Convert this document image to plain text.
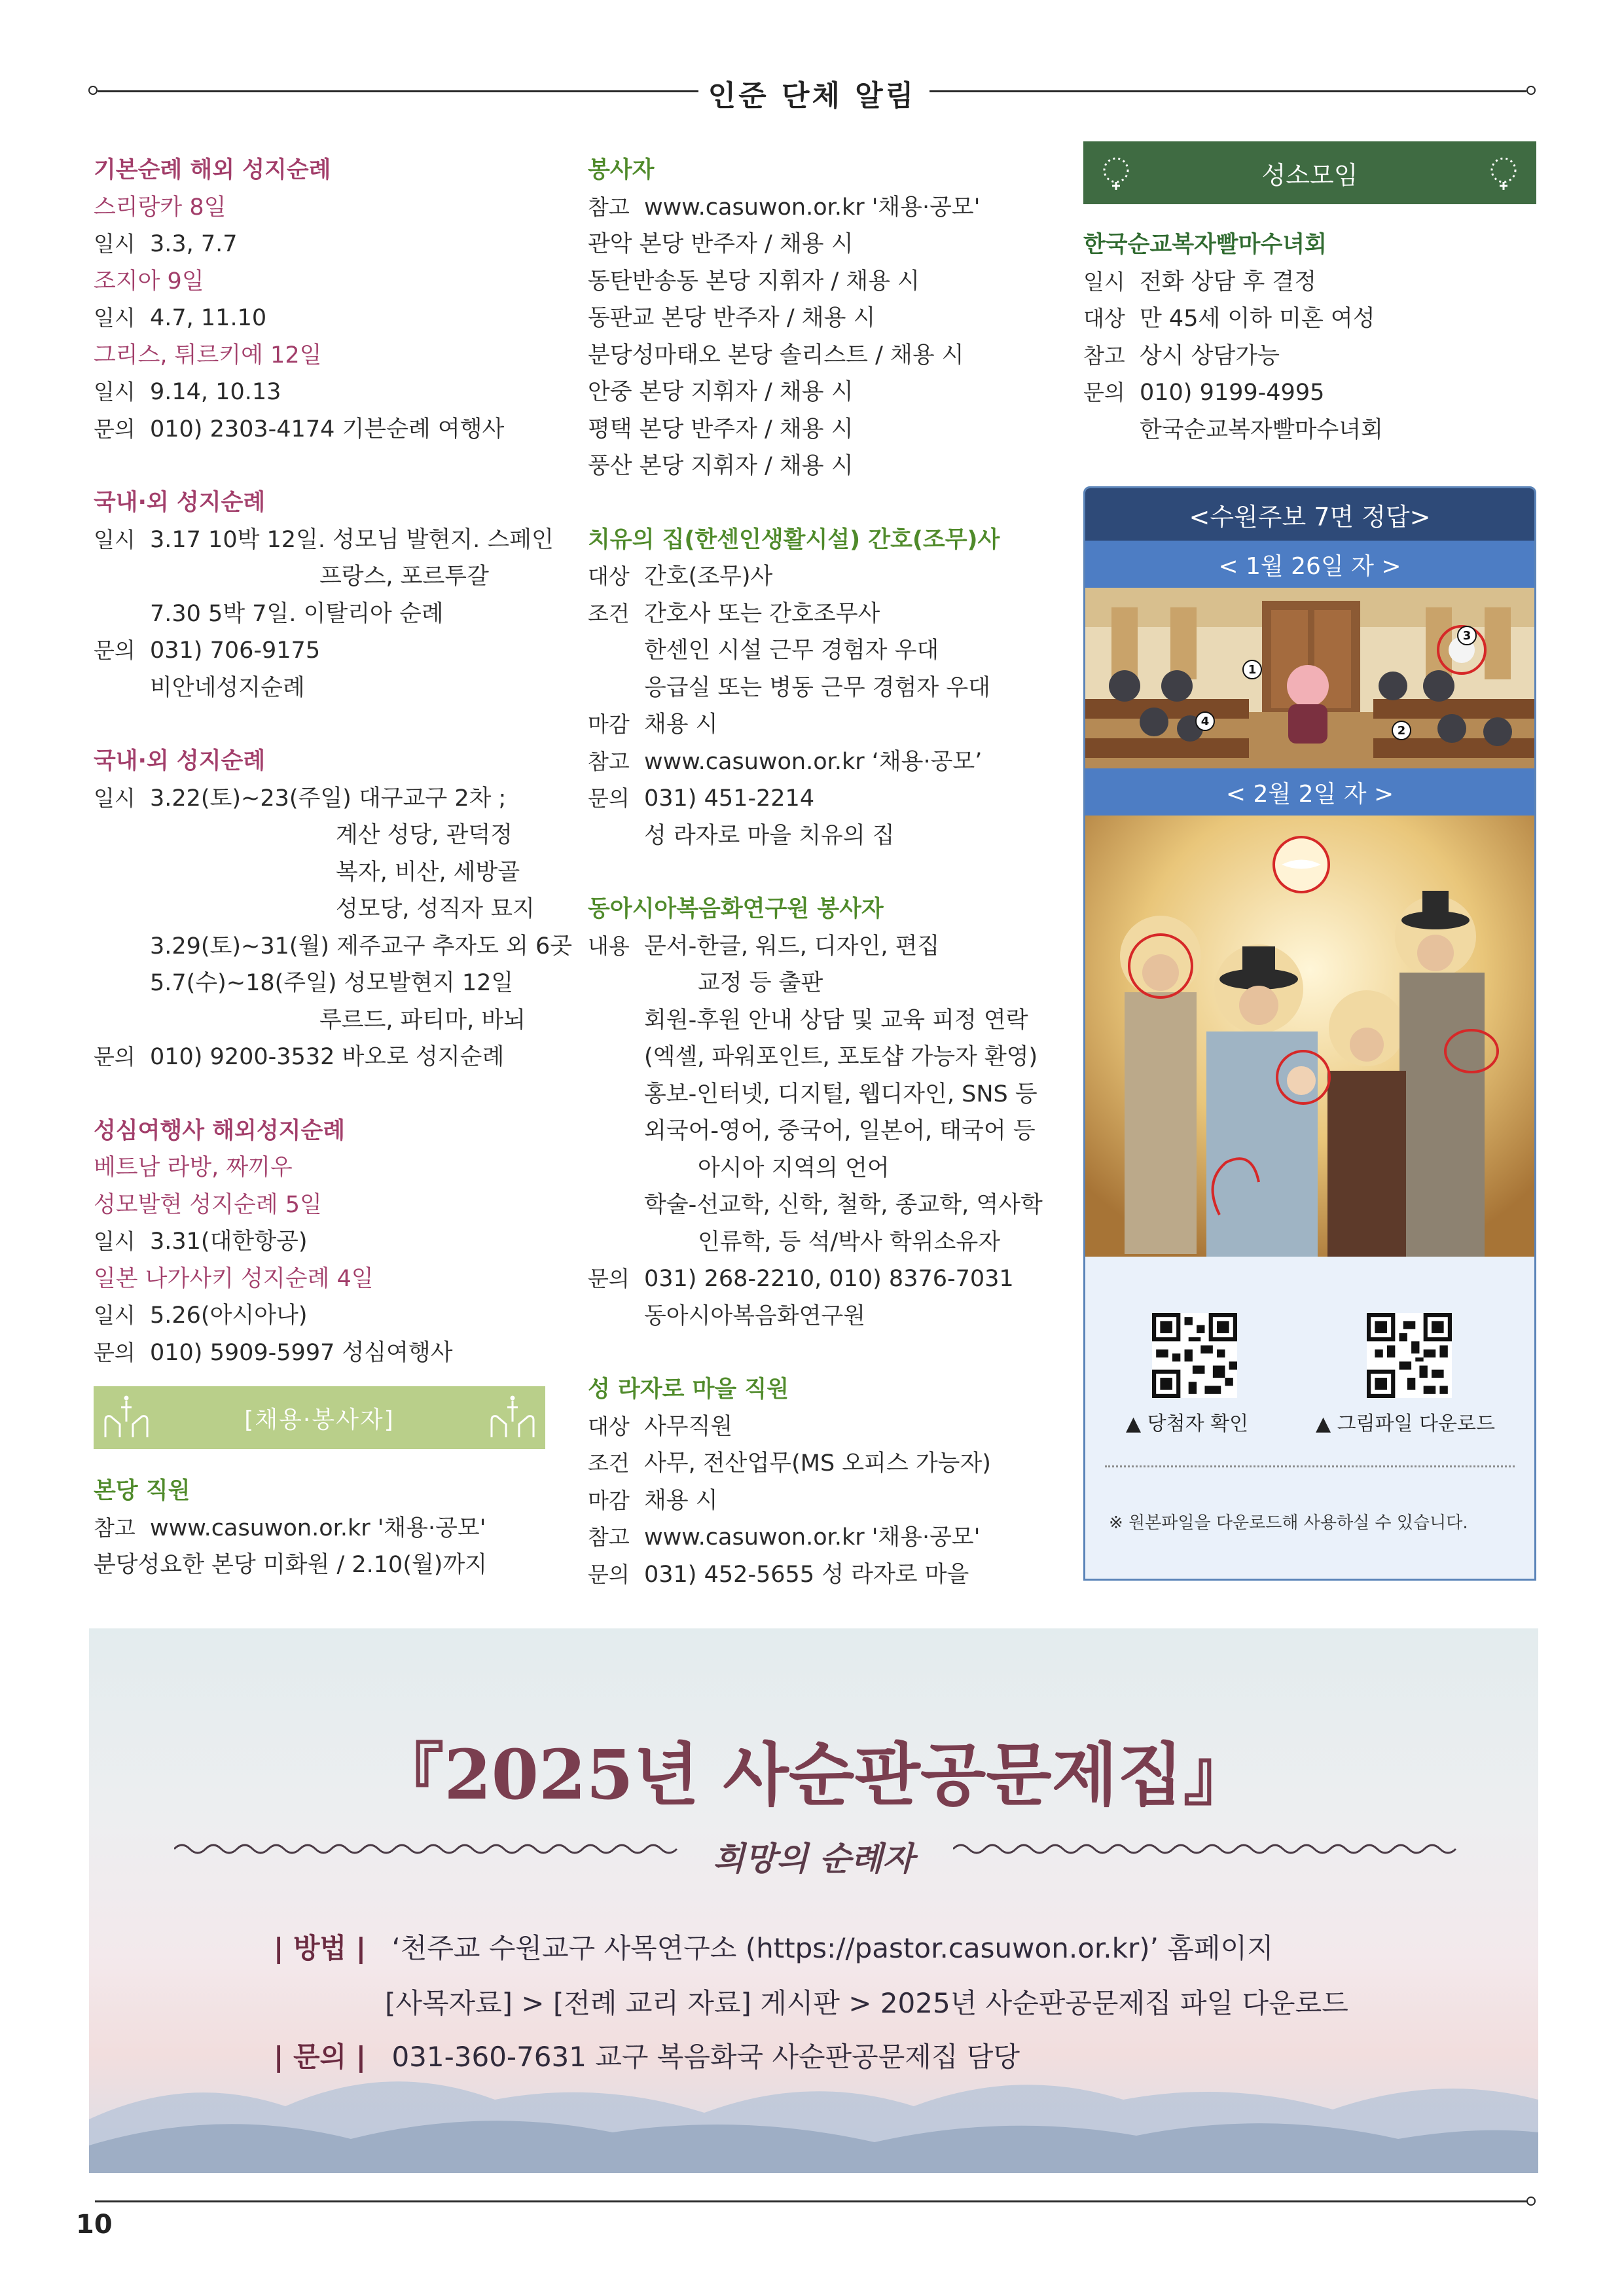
인준 단체 알림
기본순례 해외 성지순례
스리랑카 8일
일시 3.3, 7.7
조지아 9일
일시 4.7, 11.10
그리스, 튀르키예 12일
일시 9.14, 10.13
문의 010) 2303-4174 기븐순례 여행사
국내·외 성지순례
일시 3.17 10박 12일. 성모님 발현지. 스페인
프랑스, 포르투갈
7.30 5박 7일. 이탈리아 순례
문의 031) 706-9175
비안네성지순례
국내·외 성지순례
일시 3.22(토)~23(주일) 대구교구 2차 ;
계산 성당, 관덕정
복자, 비산, 세방골
성모당, 성직자 묘지
3.29(토)~31(월) 제주교구 추자도 외 6곳
5.7(수)~18(주일) 성모발현지 12일
루르드, 파티마, 바뇌
문의 010) 9200-3532 바오로 성지순례
성심여행사 해외성지순례
베트남 라방, 짜끼우
성모발현 성지순례 5일
일시 3.31(대한항공)
일본 나가사키 성지순례 4일
일시 5.26(아시아나)
문의 010) 5909-5997 성심여행사
[채용·봉사자]
본당 직원
참고 www.casuwon.or.kr '채용·공모'
분당성요한 본당 미화원 / 2.10(월)까지
봉사자
참고 www.casuwon.or.kr '채용·공모'
관악 본당 반주자 / 채용 시
동탄반송동 본당 지휘자 / 채용 시
동판교 본당 반주자 / 채용 시
분당성마태오 본당 솔리스트 / 채용 시
안중 본당 지휘자 / 채용 시
평택 본당 반주자 / 채용 시
풍산 본당 지휘자 / 채용 시
치유의 집(한센인생활시설) 간호(조무)사
대상 간호(조무)사
조건 간호사 또는 간호조무사
한센인 시설 근무 경험자 우대
응급실 또는 병동 근무 경험자 우대
마감 채용 시
참고 www.casuwon.or.kr ‘채용·공모’
문의 031) 451-2214
성 라자로 마을 치유의 집
동아시아복음화연구원 봉사자
내용 문서-한글, 워드, 디자인, 편집
교정 등 출판
회원-후원 안내 상담 및 교육 피정 연락
(엑셀, 파워포인트, 포토샵 가능자 환영)
홍보-인터넷, 디지털, 웹디자인, SNS 등
외국어-영어, 중국어, 일본어, 태국어 등
아시아 지역의 언어
학술-선교학, 신학, 철학, 종교학, 역사학
인류학, 등 석/박사 학위소유자
문의 031) 268-2210, 010) 8376-7031
동아시아복음화연구원
성 라자로 마을 직원
대상 사무직원
조건 사무, 전산업무(MS 오피스 가능자)
마감 채용 시
참고 www.casuwon.or.kr '채용·공모'
문의 031) 452-5655 성 라자로 마을
성소모임
한국순교복자빨마수녀회
일시 전화 상담 후 결정
대상 만 45세 이하 미혼 여성
참고 상시 상담가능
문의 010) 9199-4995
한국순교복자빨마수녀회
<수원주보 7면 정답>
< 1월 26일 자 >
1
2
3
4
< 2월 2일 자 >
▲ 당첨자 확인	▲ 그림파일 다운로드
※ 원본파일을 다운로드해 사용하실 수 있습니다.
『2025년 사순판공문제집』
희망의 순례자
| 방법 | ‘천주교 수원교구 사목연구소 (https://pastor.casuwon.or.kr)’ 홈페이지
[사목자료] > [전례 교리 자료] 게시판 > 2025년 사순판공문제집 파일 다운로드
| 문의 | 031-360-7631 교구 복음화국 사순판공문제집 담당
10
